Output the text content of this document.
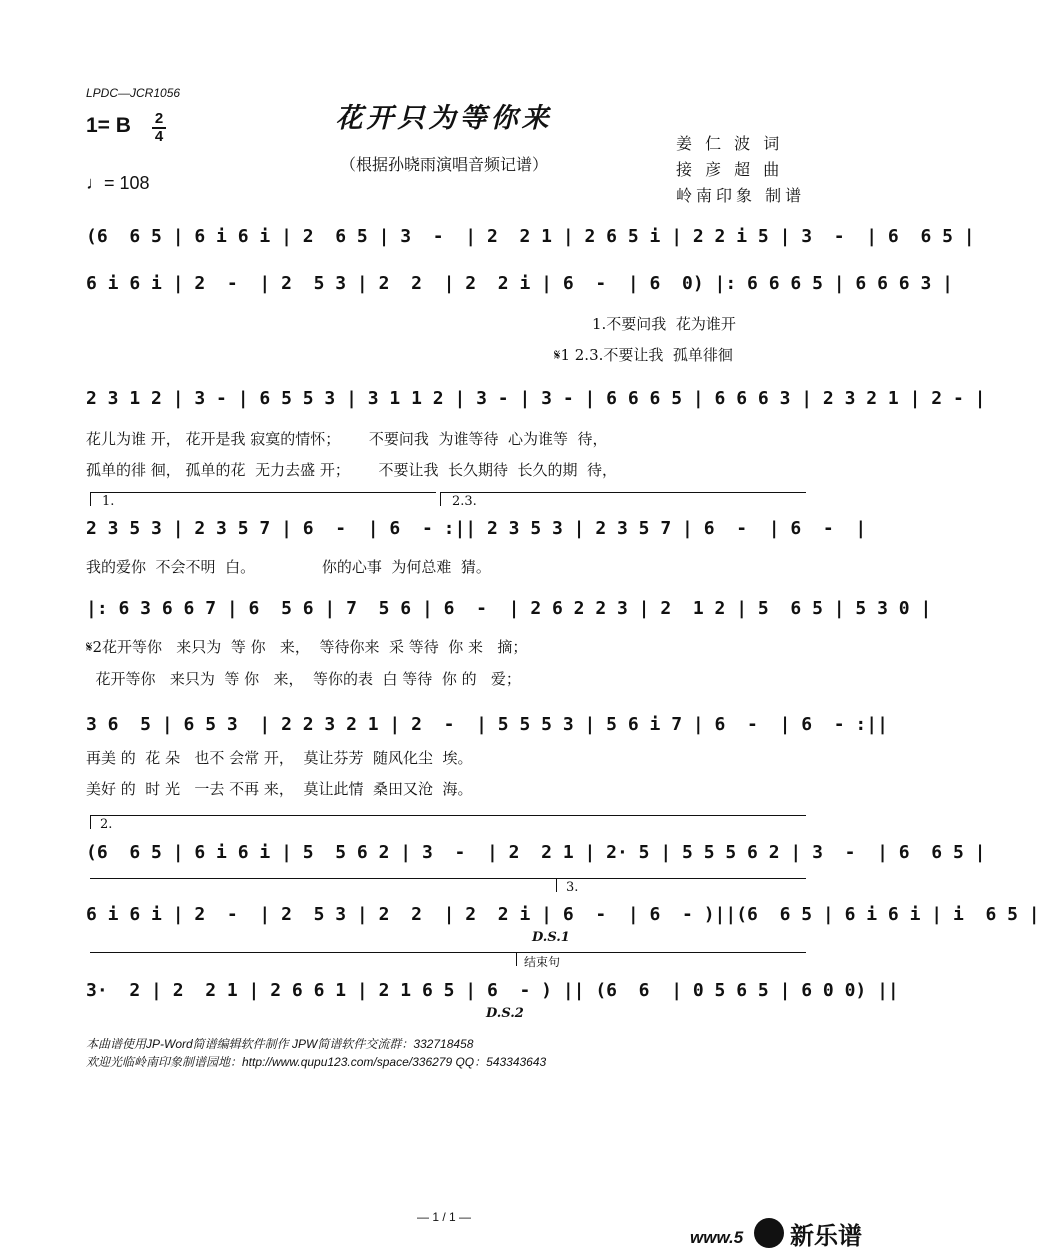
LPDC—JCR1056
花开只为等你来
（根据孙晓雨演唱音频记谱）
1= B 2
4
♩= 108
姜 仁 波 词
接 彦 超 曲
岭南印象 制谱
(6  6 5 | 6 i 6 i | 2  6 5 | 3  -  | 2  2 1 | 2 6 5 i | 2 2 i 5 | 3  -  | 6  6 5 |
6 i 6 i | 2  -  | 2  5 3 | 2  2  | 2  2 i | 6  -  | 6  0) |: 6 6 6 5 | 6 6 6 3 |
1.不要问我  花为谁开
𝄋1 2.3.不要让我  孤单徘徊
2 3 1 2 | 3 - | 6 5 5 3 | 3 1 1 2 | 3 - | 3 - | 6 6 6 5 | 6 6 6 3 | 2 3 2 1 | 2 - |
花儿为谁 开， 花开是我 寂寞的情怀；      不要问我  为谁等待  心为谁等  待，
孤单的徘 徊， 孤单的花  无力去盛 开；      不要让我  长久期待  长久的期  待，
1.	2.3.
2 3 5 3 | 2 3 5 7 | 6  -  | 6  - :|| 2 3 5 3 | 2 3 5 7 | 6  -  | 6  -  |
我的爱你  不会不明  白。              你的心事  为何总难  猜。
|: 6 3 6 6 7 | 6  5 6 | 7  5 6 | 6  -  | 2 6 2 2 3 | 2  1 2 | 5  6 5 | 5 3 0 |
𝄋2花开等你   来只为  等 你   来，  等待你来  采 等待  你 来   摘；
花开等你   来只为  等 你   来，  等你的表  白 等待  你 的   爱；
3 6  5 | 6 5 3  | 2 2 3 2 1 | 2  -  | 5 5 5 3 | 5 6 i 7 | 6  -  | 6  - :||
再美 的  花 朵   也不 会常 开，  莫让芬芳  随风化尘  埃。
美好 的  时 光   一去 不再 来，  莫让此情  桑田又沧  海。
2.
(6  6 5 | 6 i 6 i | 5  5 6 2 | 3  -  | 2  2 1 | 2· 5 | 5 5 5 6 2 | 3  -  | 6  6 5 |
3.
6 i 6 i | 2  -  | 2  5 3 | 2  2  | 2  2 i | 6  -  | 6  - )||(6  6 5 | 6 i 6 i | i  6 5 |
D.S.1
结束句
3·  2 | 2  2 1 | 2 6 6 1 | 2 1 6 5 | 6  - ) || (6  6  | 0 5 6 5 | 6 0 0) ||
D.S.2
本曲谱使用JP-Word简谱编辑软件制作 JPW简谱软件交流群：332718458
欢迎光临岭南印象制谱园地：http://www.qupu123.com/space/336279 QQ：543343643
— 1 / 1 —
www.5 新乐谱
